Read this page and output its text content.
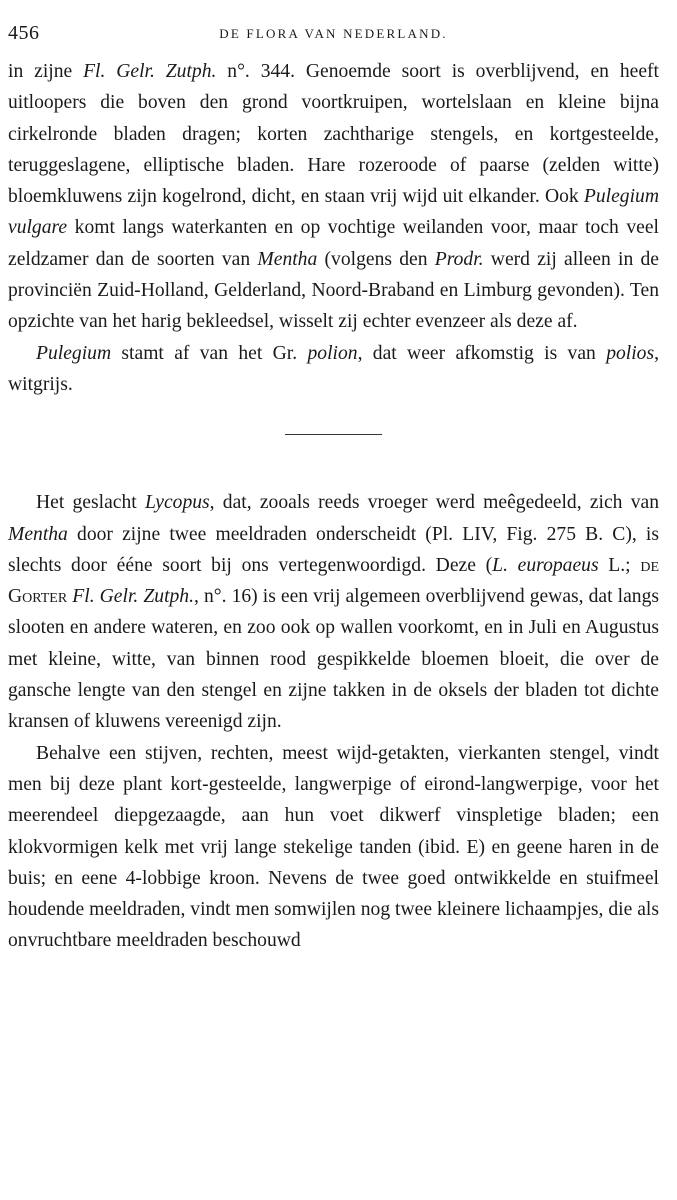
456	DE FLORA VAN NEDERLAND.

in zijne Fl. Gelr. Zutph. n°. 344. Genoemde soort is overblijvend, en heeft uitloopers die boven den grond voortkruipen, wortelslaan en kleine bijna cirkelronde bladen dragen; korten zachtharige stengels, en kortgesteelde, teruggeslagene, elliptische bladen. Hare rozeroode of paarse (zelden witte) bloemkluwens zijn kogelrond, dicht, en staan vrij wijd uit elkander. Ook Pulegium vulgare komt langs waterkanten en op vochtige weilanden voor, maar toch veel zeldzamer dan de soorten van Mentha (volgens den Prodr. werd zij alleen in de provinciën Zuid-Holland, Gelderland, Noord-Braband en Limburg gevonden). Ten opzichte van het harig bekleedsel, wisselt zij echter evenzeer als deze af.

Pulegium stamt af van het Gr. polion, dat weer afkomstig is van polios, witgrijs.

Het geslacht Lycopus, dat, zooals reeds vroeger werd meêgedeeld, zich van Mentha door zijne twee meeldraden onderscheidt (Pl. LIV, Fig. 275 B. C), is slechts door ééne soort bij ons vertegenwoordigd. Deze (L. europaeus L.; de Gorter Fl. Gelr. Zutph., n°. 16) is een vrij algemeen overblijvend gewas, dat langs slooten en andere wateren, en zoo ook op wallen voorkomt, en in Juli en Augustus met kleine, witte, van binnen rood gespikkelde bloemen bloeit, die over de gansche lengte van den stengel en zijne takken in de oksels der bladen tot dichte kransen of kluwens vereenigd zijn.

Behalve een stijven, rechten, meest wijd-getakten, vierkanten stengel, vindt men bij deze plant kort-gesteelde, langwerpige of eirond-langwerpige, voor het meerendeel diepgezaagde, aan hun voet dikwerf vinspletige bladen; een klokvormigen kelk met vrij lange stekelige tanden (ibid. E) en geene haren in de buis; en eene 4-lobbige kroon. Nevens de twee goed ontwikkelde en stuifmeel houdende meeldraden, vindt men somwijlen nog twee kleinere lichaampjes, die als onvruchtbare meeldraden beschouwd
